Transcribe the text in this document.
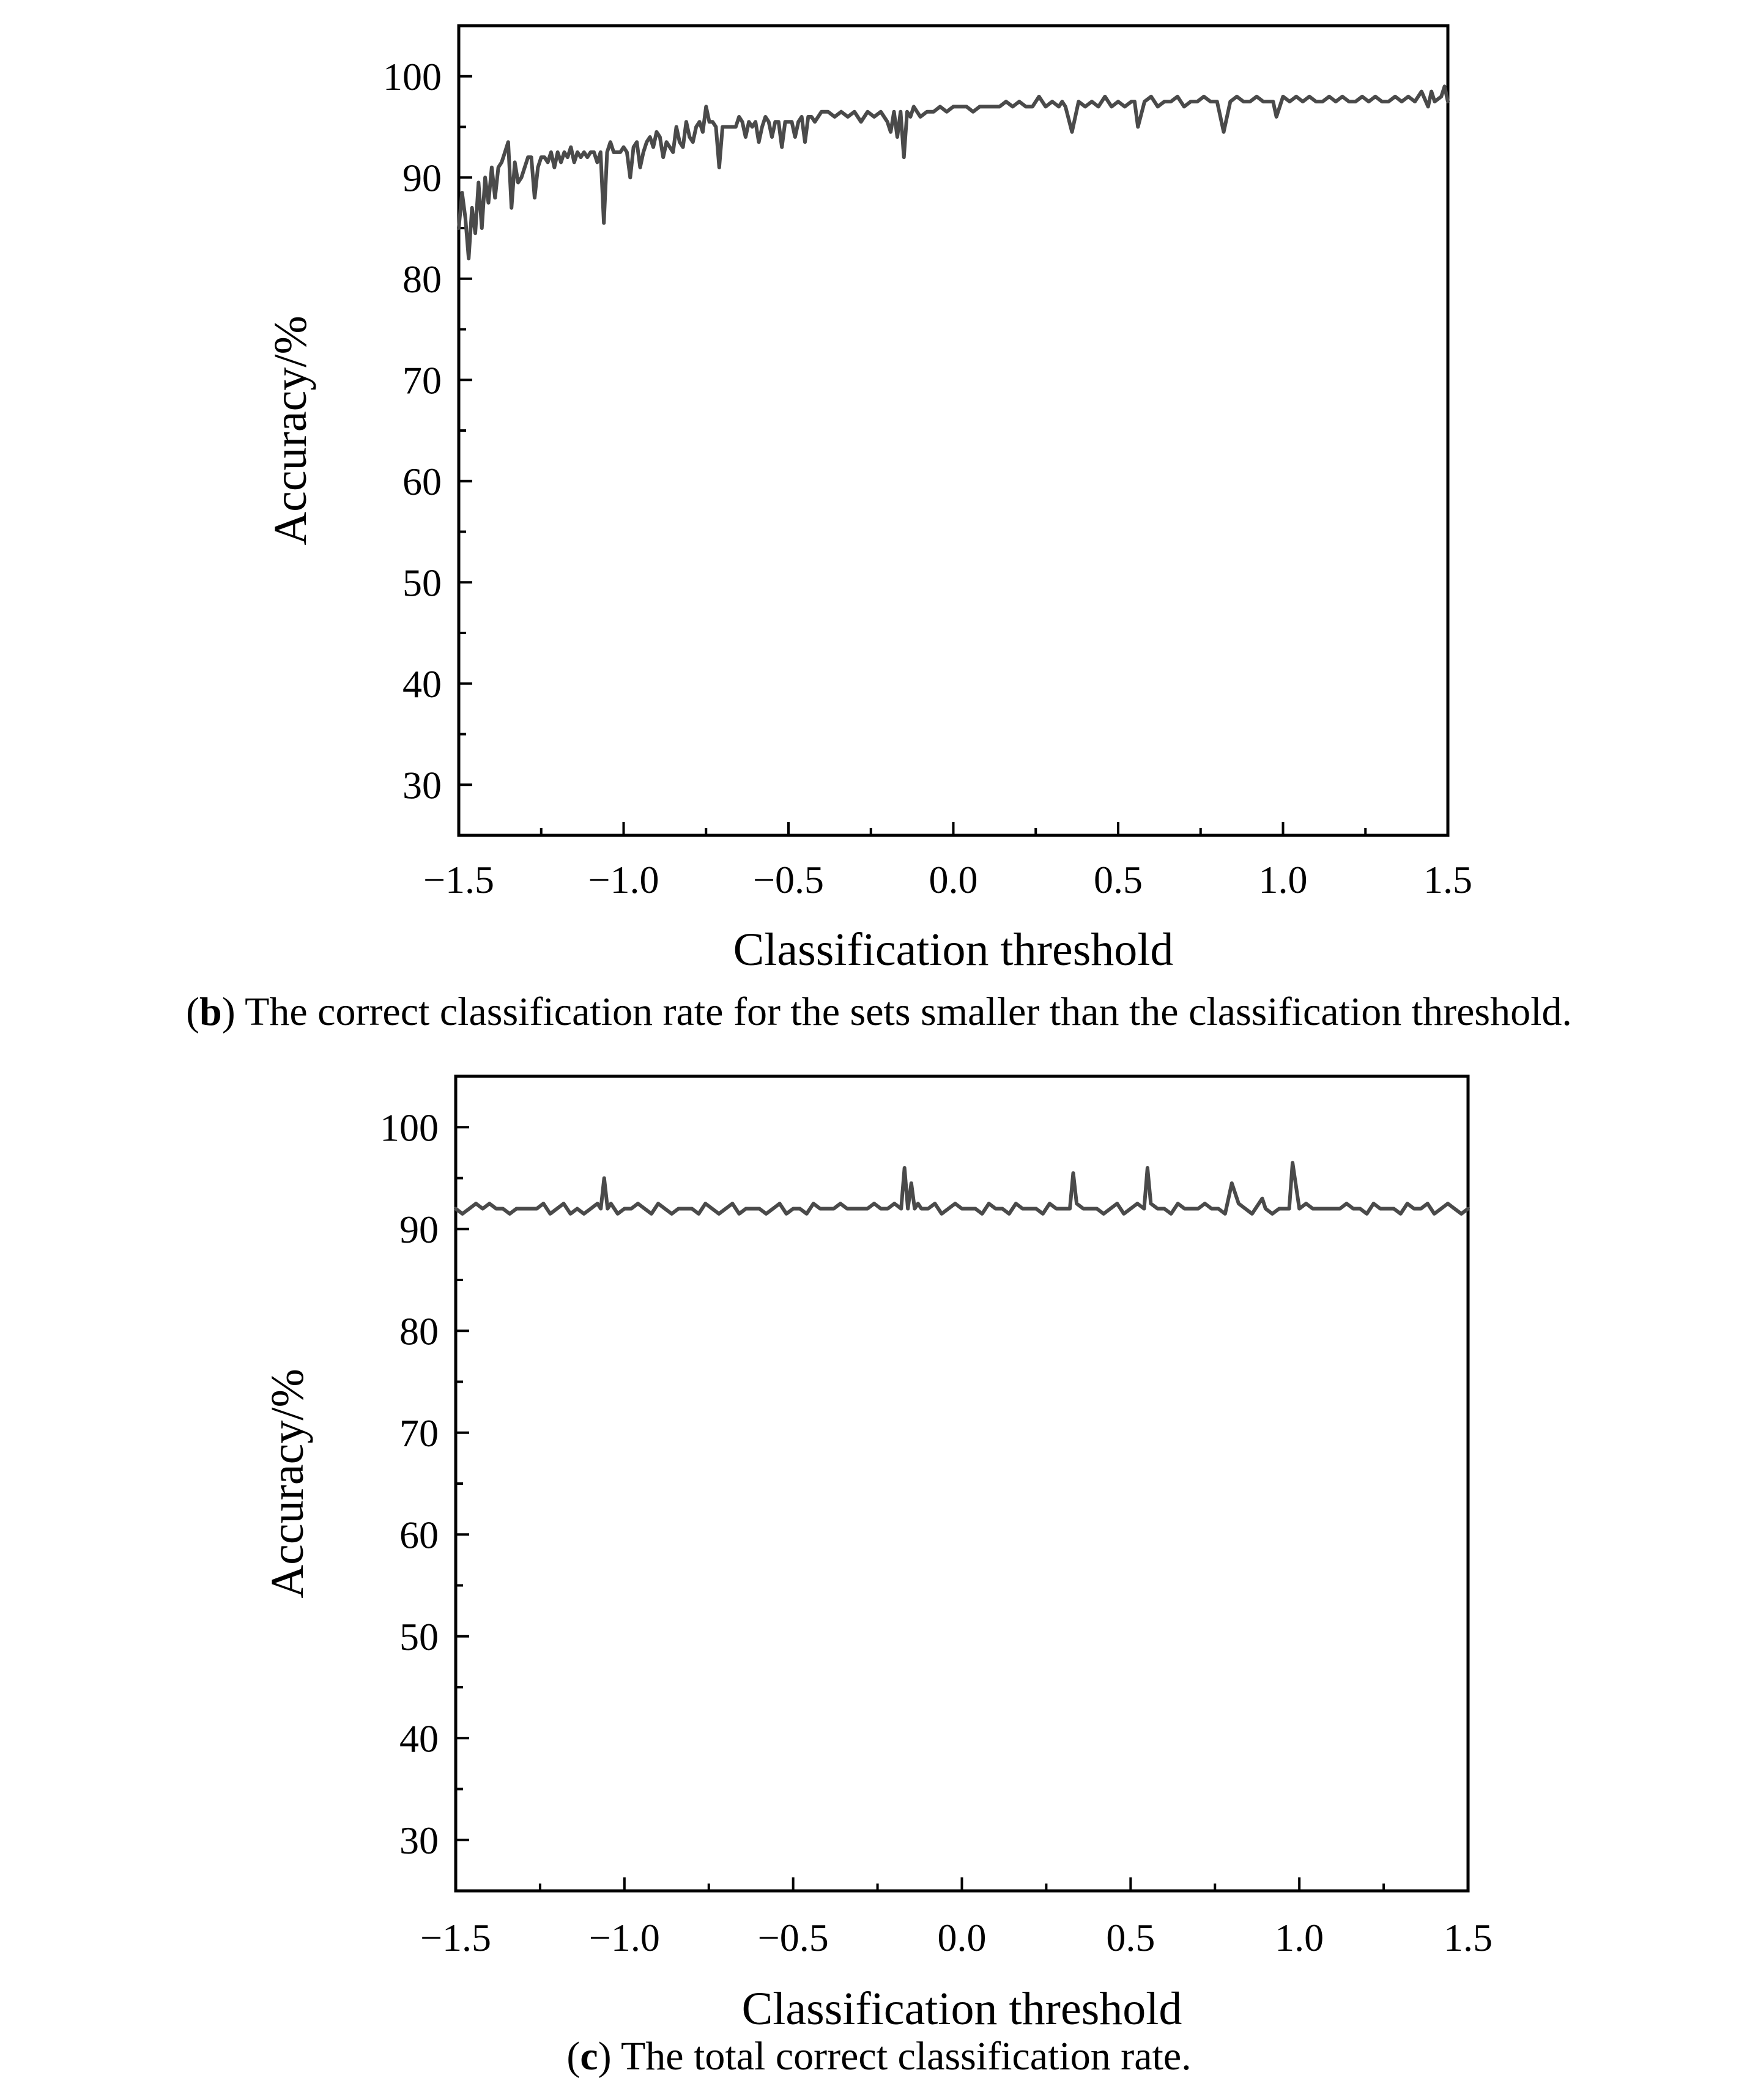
−1.5 −1.0 −0.5	0.0	0.5	1.0	1.5
30
40
50
60
70
80
90
100
Classification threshold
Accuracy/%
(b) The correct classification rate for the sets smaller than the classification threshold.
−1.5 −1.0 −0.5	0.0	0.5	1.0	1.5
30
40
50
60
70
80
90
100
Classification threshold
Accuracy/%
(c) The total correct classification rate.
